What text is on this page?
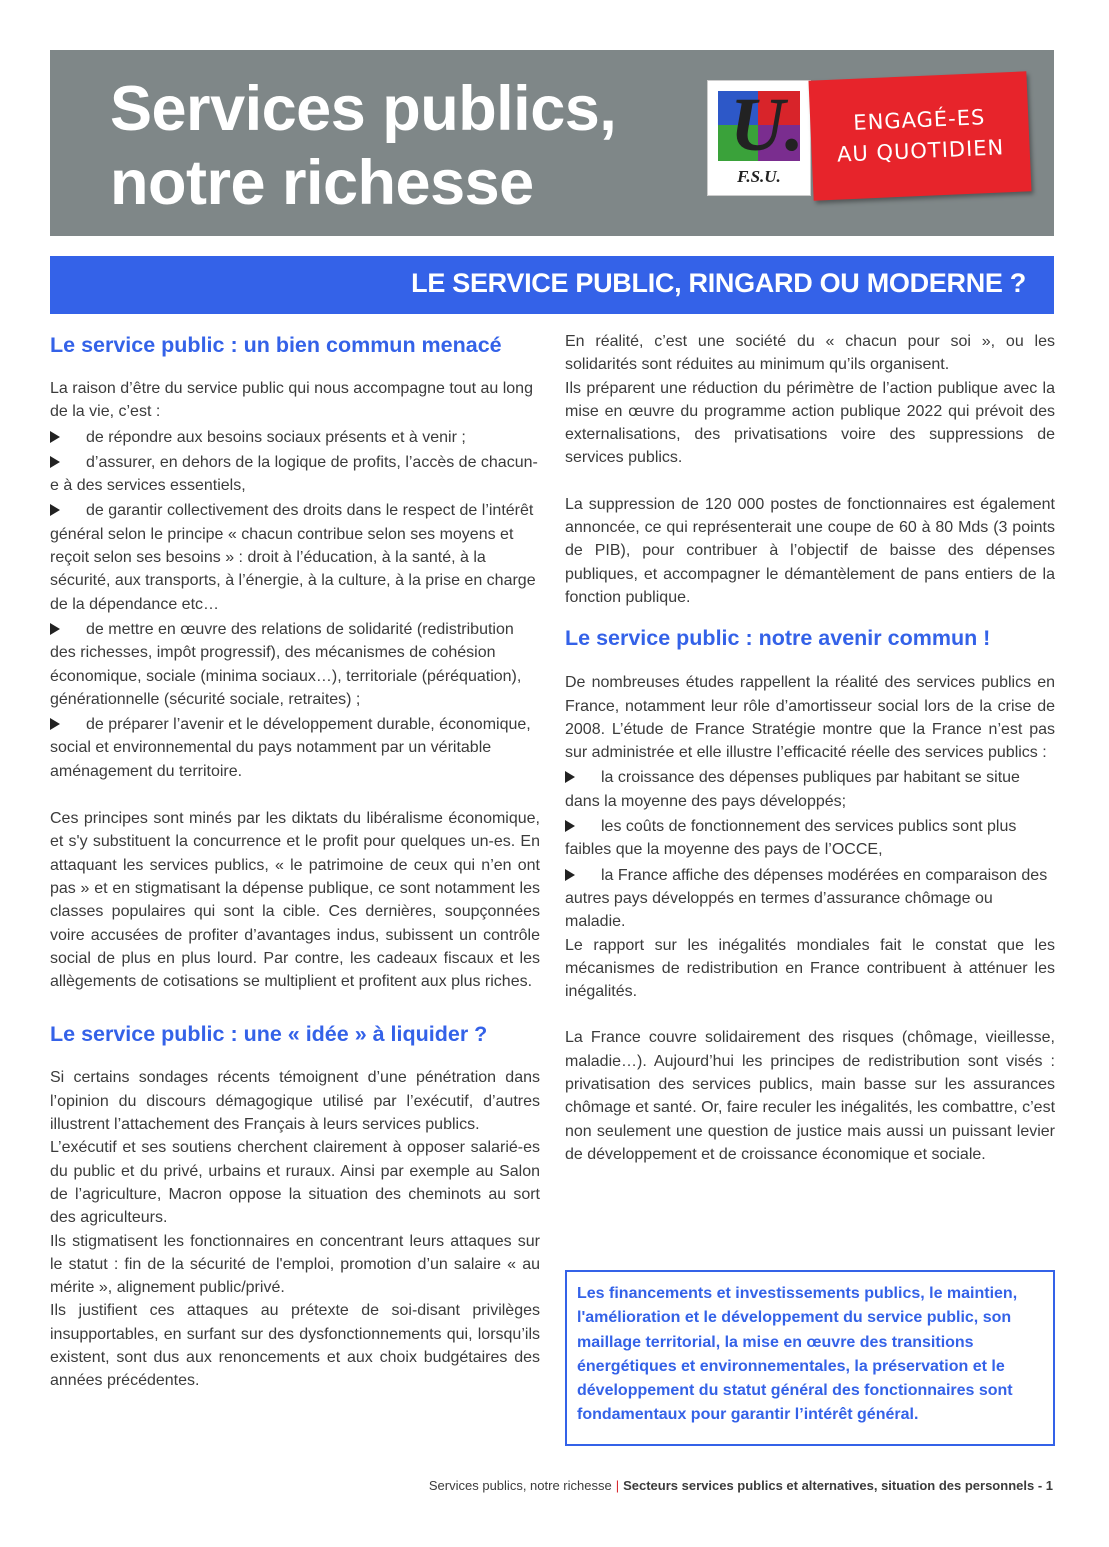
Services publics,
notre richesse
U.
F.S.U.
ENGAGÉ-ES
AU QUOTIDIEN
LE SERVICE PUBLIC, RINGARD OU MODERNE ?
Le service public : un bien commun menacé

La raison d’être du service public qui nous accompagne tout au long de la vie, c’est :

de répondre aux besoins sociaux présents et à venir ;
d’assurer, en dehors de la logique de profits, l’accès de chacun-e à des services essentiels,
de garantir collectivement des droits dans le respect de l’intérêt général selon le principe « chacun contribue selon ses moyens et reçoit selon ses besoins » : droit à l’éducation, à la santé, à la sécurité, aux transports, à l’énergie, à la culture, à la prise en charge de la dépendance etc…
de mettre en œuvre des relations de solidarité (redistribution des richesses, impôt progressif), des mécanismes de cohésion économique, sociale (minima sociaux…), territoriale (péréquation), générationnelle (sécurité sociale, retraites) ;
de préparer l’avenir et le développement durable, économique, social et environnemental du pays notamment par un véritable aménagement du territoire.

Ces principes sont minés par les diktats du libéralisme économique, et s'y substituent la concurrence et le profit pour quelques un-es. En attaquant les services publics, « le patrimoine de ceux qui n’en ont pas » et en stigmatisant la dépense publique, ce sont notamment les classes populaires qui sont la cible. Ces dernières, soupçonnées voire accusées de profiter d’avantages indus, subissent un contrôle social de plus en plus lourd. Par contre, les cadeaux fiscaux et les allègements de cotisations se multiplient et profitent aux plus riches.

Le service public : une « idée » à liquider ?

Si certains sondages récents témoignent d’une pénétration dans l’opinion du discours démagogique utilisé par l’exécutif, d’autres illustrent l’attachement des Français à leurs services publics.

L’exécutif et ses soutiens cherchent clairement à opposer salarié-es du public et du privé, urbains et ruraux. Ainsi par exemple au Salon de l’agriculture, Macron oppose la situation des cheminots au sort des agriculteurs.

Ils stigmatisent les fonctionnaires en concentrant leurs attaques sur le statut : fin de la sécurité de l'emploi, promotion d’un salaire « au mérite », alignement public/privé.

Ils justifient ces attaques au prétexte de soi-disant privilèges insupportables, en surfant sur des dysfonctionnements qui, lorsqu’ils existent, sont dus aux renoncements et aux choix budgétaires des années précédentes.

En réalité, c’est une société du « chacun pour soi », ou les solidarités sont réduites au minimum qu’ils organisent.

Ils préparent une réduction du périmètre de l’action publique avec la mise en œuvre du programme action publique 2022 qui prévoit des externalisations, des privatisations voire des suppressions de services publics.

La suppression de 120 000 postes de fonctionnaires est également annoncée, ce qui représenterait une coupe de 60 à 80 Mds (3 points de PIB), pour contribuer à l’objectif de baisse des dépenses publiques, et accompagner le démantèlement de pans entiers de la fonction publique.

Le service public : notre avenir commun !

De nombreuses études rappellent la réalité des services publics en France, notamment leur rôle d’amortisseur social lors de la crise de 2008. L’étude de France Stratégie montre que la France n’est pas sur administrée et elle illustre l’efficacité réelle des services publics :

la croissance des dépenses publiques par habitant se situe dans la moyenne des pays développés;
les coûts de fonctionnement des services publics sont plus faibles que la moyenne des pays de l’OCCE,
la France affiche des dépenses modérées en comparaison des autres pays développés en termes d’assurance chômage ou maladie.

Le rapport sur les inégalités mondiales fait le constat que les mécanismes de redistribution en France contribuent à atténuer les inégalités.

La France couvre solidairement des risques (chômage, vieillesse, maladie…). Aujourd’hui les principes de redistribution sont visés : privatisation des services publics, main basse sur les assurances chômage et santé. Or, faire reculer les inégalités, les combattre, c’est non seulement une question de justice mais aussi un puissant levier de développement et de croissance économique et sociale.

Les financements et investissements publics, le maintien, l'amélioration et le développement du service public, son maillage territorial, la mise en œuvre des transitions énergétiques et environnementales, la préservation et le développement du statut général des fonctionnaires sont fondamentaux pour garantir l’intérêt général.

Services publics, notre richesse | Secteurs services publics et alternatives, situation des personnels - 1
